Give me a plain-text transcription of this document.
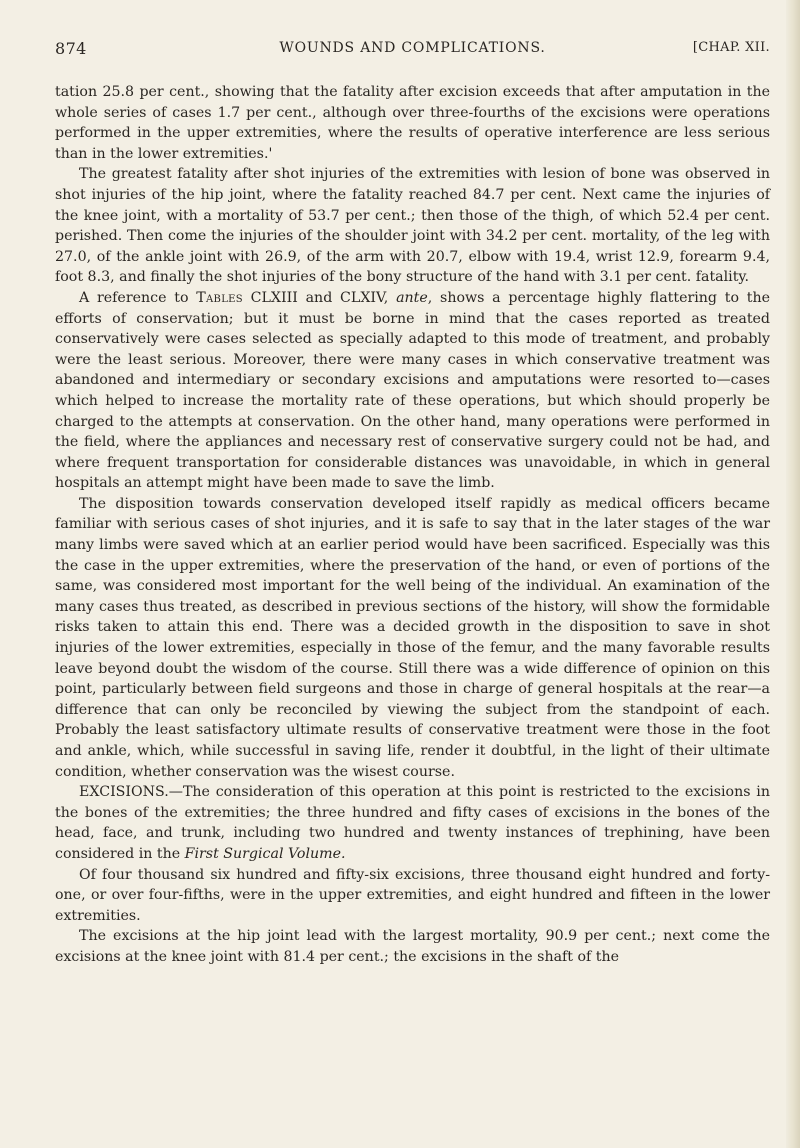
874	WOUNDS AND COMPLICATIONS.	[CHAP. XII.

tation 25.8 per cent., showing that the fatality after excision exceeds that after amputation in the whole series of cases 1.7 per cent., although over three-fourths of the excisions were operations performed in the upper extremities, where the results of operative interference are less serious than in the lower extremities.'

The greatest fatality after shot injuries of the extremities with lesion of bone was observed in shot injuries of the hip joint, where the fatality reached 84.7 per cent. Next came the injuries of the knee joint, with a mortality of 53.7 per cent.; then those of the thigh, of which 52.4 per cent. perished. Then come the injuries of the shoulder joint with 34.2 per cent. mortality, of the leg with 27.0, of the ankle joint with 26.9, of the arm with 20.7, elbow with 19.4, wrist 12.9, forearm 9.4, foot 8.3, and finally the shot injuries of the bony structure of the hand with 3.1 per cent. fatality.

A reference to Tables CLXIII and CLXIV, ante, shows a percentage highly flattering to the efforts of conservation; but it must be borne in mind that the cases reported as treated conservatively were cases selected as specially adapted to this mode of treatment, and probably were the least serious. Moreover, there were many cases in which conservative treatment was abandoned and intermediary or secondary excisions and amputations were resorted to—cases which helped to increase the mortality rate of these operations, but which should properly be charged to the attempts at conservation. On the other hand, many operations were performed in the field, where the appliances and necessary rest of conservative surgery could not be had, and where frequent transportation for considerable distances was unavoidable, in which in general hospitals an attempt might have been made to save the limb.

The disposition towards conservation developed itself rapidly as medical officers became familiar with serious cases of shot injuries, and it is safe to say that in the later stages of the war many limbs were saved which at an earlier period would have been sacrificed. Especially was this the case in the upper extremities, where the preservation of the hand, or even of portions of the same, was considered most important for the well being of the individual. An examination of the many cases thus treated, as described in previous sections of the history, will show the formidable risks taken to attain this end. There was a decided growth in the disposition to save in shot injuries of the lower extremities, especially in those of the femur, and the many favorable results leave beyond doubt the wisdom of the course. Still there was a wide difference of opinion on this point, particularly between field surgeons and those in charge of general hospitals at the rear—a difference that can only be reconciled by viewing the subject from the standpoint of each. Probably the least satisfactory ultimate results of conservative treatment were those in the foot and ankle, which, while successful in saving life, render it doubtful, in the light of their ultimate condition, whether conservation was the wisest course.

EXCISIONS.—The consideration of this operation at this point is restricted to the excisions in the bones of the extremities; the three hundred and fifty cases of excisions in the bones of the head, face, and trunk, including two hundred and twenty instances of trephining, have been considered in the First Surgical Volume.

Of four thousand six hundred and fifty-six excisions, three thousand eight hundred and forty-one, or over four-fifths, were in the upper extremities, and eight hundred and fifteen in the lower extremities.

The excisions at the hip joint lead with the largest mortality, 90.9 per cent.; next come the excisions at the knee joint with 81.4 per cent.; the excisions in the shaft of the
